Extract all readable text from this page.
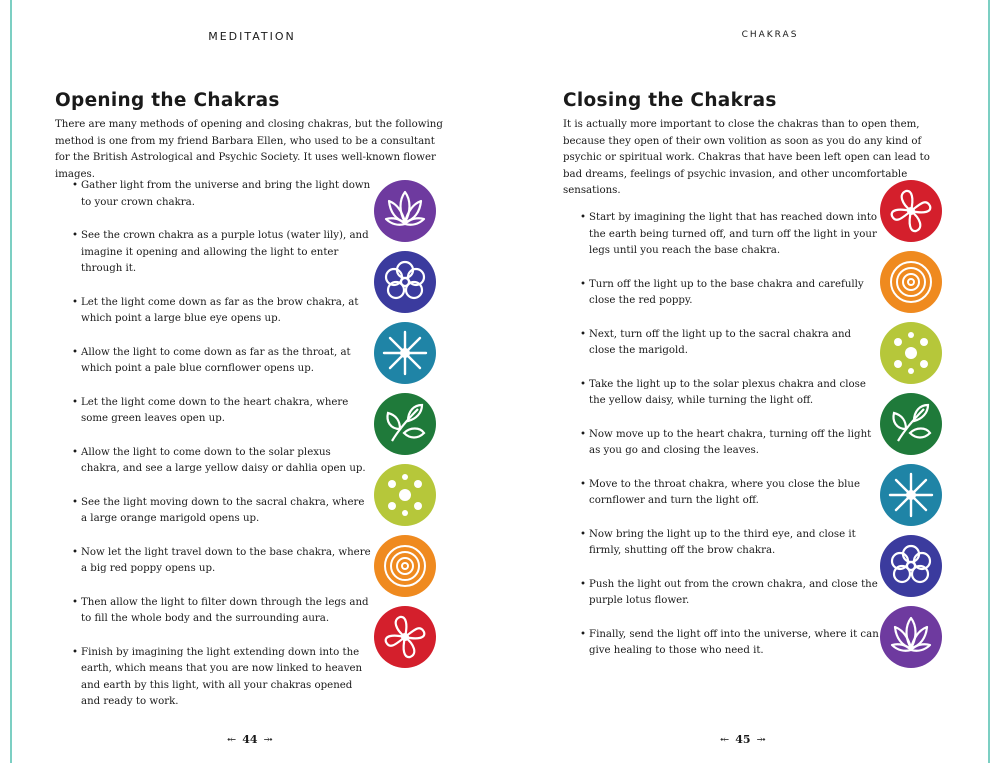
MEDITATION
Opening the Chakras

There are many methods of opening and closing chakras, but the following method is one from my friend Barbara Ellen, who used to be a consultant for the British Astrological and Psychic Society. It uses well-known flower images.

• Gather light from the universe and bring the light down to your crown chakra.
• See the crown chakra as a purple lotus (water lily), and imagine it opening and allowing the light to enter through it.
• Let the light come down as far as the brow chakra, at which point a large blue eye opens up.
• Allow the light to come down as far as the throat, at which point a pale blue cornflower opens up.
• Let the light come down to the heart chakra, where some green leaves open up.
• Allow the light to come down to the solar plexus chakra, and see a large yellow daisy or dahlia open up.
• See the light moving down to the sacral chakra, where a large orange marigold opens up.
• Now let the light travel down to the base chakra, where a big red poppy opens up.
• Then allow the light to filter down through the legs and to fill the whole body and the surrounding aura.
• Finish by imagining the light extending down into the earth, which means that you are now linked to heaven and earth by this light, with all your chakras opened and ready to work.
⤝ 44 ⤞
CHAKRAS
Closing the Chakras

It is actually more important to close the chakras than to open them, because they open of their own volition as soon as you do any kind of psychic or spiritual work. Chakras that have been left open can lead to bad dreams, feelings of psychic invasion, and other uncomfortable sensations.

• Start by imagining the light that has reached down into the earth being turned off, and turn off the light in your legs until you reach the base chakra.
• Turn off the light up to the base chakra and carefully close the red poppy.
• Next, turn off the light up to the sacral chakra and close the marigold.
• Take the light up to the solar plexus chakra and close the yellow daisy, while turning the light off.
• Now move up to the heart chakra, turning off the light as you go and closing the leaves.
• Move to the throat chakra, where you close the blue cornflower and turn the light off.
• Now bring the light up to the third eye, and close it firmly, shutting off the brow chakra.
• Push the light out from the crown chakra, and close the purple lotus flower.
• Finally, send the light off into the universe, where it can give healing to those who need it.
⤝ 45 ⤞
